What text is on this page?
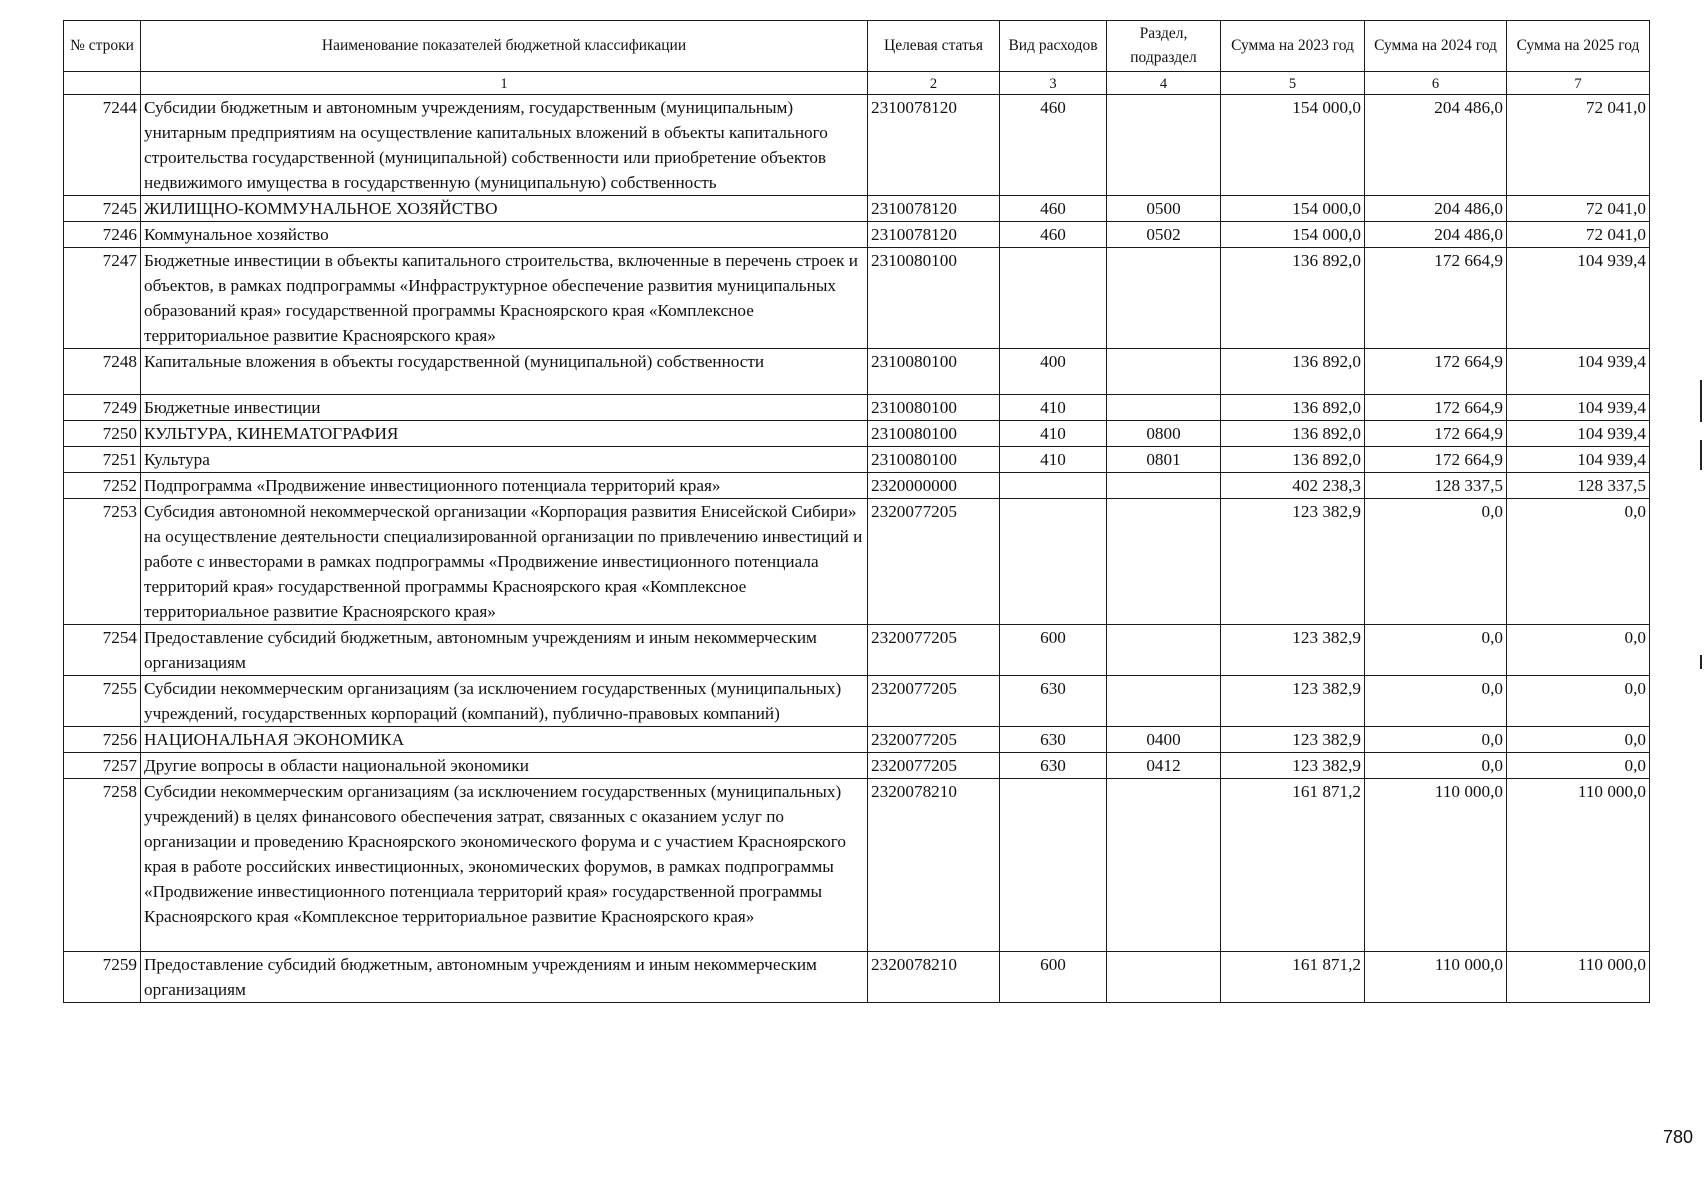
№ строки	Наименование показателей бюджетной классификации	Целевая статья	Вид расходов	Раздел, подраздел	Сумма на 2023 год	Сумма на 2024 год	Сумма на 2025 год
	1	2	3	4	5	6	7
7244	Субсидии бюджетным и автономным учреждениям, государственным (муниципальным) унитарным предприятиям на осуществление капитальных вложений в объекты капитального строительства государственной (муниципальной) собственности или приобретение объектов недвижимого имущества в государственную (муниципальную) собственность	2310078120	460		154 000,0	204 486,0	72 041,0
7245	ЖИЛИЩНО-КОММУНАЛЬНОЕ ХОЗЯЙСТВО	2310078120	460	0500	154 000,0	204 486,0	72 041,0
7246	Коммунальное хозяйство	2310078120	460	0502	154 000,0	204 486,0	72 041,0
7247	Бюджетные инвестиции в объекты капитального строительства, включенные в перечень строек и объектов, в рамках подпрограммы «Инфраструктурное обеспечение развития муниципальных образований края» государственной программы Красноярского края «Комплексное территориальное развитие Красноярского края»	2310080100			136 892,0	172 664,9	104 939,4
7248	Капитальные вложения в объекты государственной (муниципальной) собственности	2310080100	400		136 892,0	172 664,9	104 939,4
7249	Бюджетные инвестиции	2310080100	410		136 892,0	172 664,9	104 939,4
7250	КУЛЬТУРА, КИНЕМАТОГРАФИЯ	2310080100	410	0800	136 892,0	172 664,9	104 939,4
7251	Культура	2310080100	410	0801	136 892,0	172 664,9	104 939,4
7252	Подпрограмма «Продвижение инвестиционного потенциала территорий края»	2320000000			402 238,3	128 337,5	128 337,5
7253	Субсидия автономной некоммерческой организации «Корпорация развития Енисейской Сибири» на осуществление деятельности специализированной организации по привлечению инвестиций и работе с инвесторами в рамках подпрограммы «Продвижение инвестиционного потенциала территорий края» государственной программы Красноярского края «Комплексное территориальное развитие Красноярского края»	2320077205			123 382,9	0,0	0,0
7254	Предоставление субсидий бюджетным, автономным учреждениям и иным некоммерческим организациям	2320077205	600		123 382,9	0,0	0,0
7255	Субсидии некоммерческим организациям (за исключением государственных (муниципальных) учреждений, государственных корпораций (компаний), публично-правовых компаний)	2320077205	630		123 382,9	0,0	0,0
7256	НАЦИОНАЛЬНАЯ ЭКОНОМИКА	2320077205	630	0400	123 382,9	0,0	0,0
7257	Другие вопросы в области национальной экономики	2320077205	630	0412	123 382,9	0,0	0,0
7258	Субсидии некоммерческим организациям (за исключением государственных (муниципальных) учреждений) в целях финансового обеспечения затрат, связанных с оказанием услуг по организации и проведению Красноярского экономического форума и с участием Красноярского края в работе российских инвестиционных, экономических форумов, в рамках подпрограммы «Продвижение инвестиционного потенциала территорий края» государственной программы Красноярского края «Комплексное территориальное развитие Красноярского края»	2320078210			161 871,2	110 000,0	110 000,0
7259	Предоставление субсидий бюджетным, автономным учреждениям и иным некоммерческим организациям	2320078210	600		161 871,2	110 000,0	110 000,0
780
